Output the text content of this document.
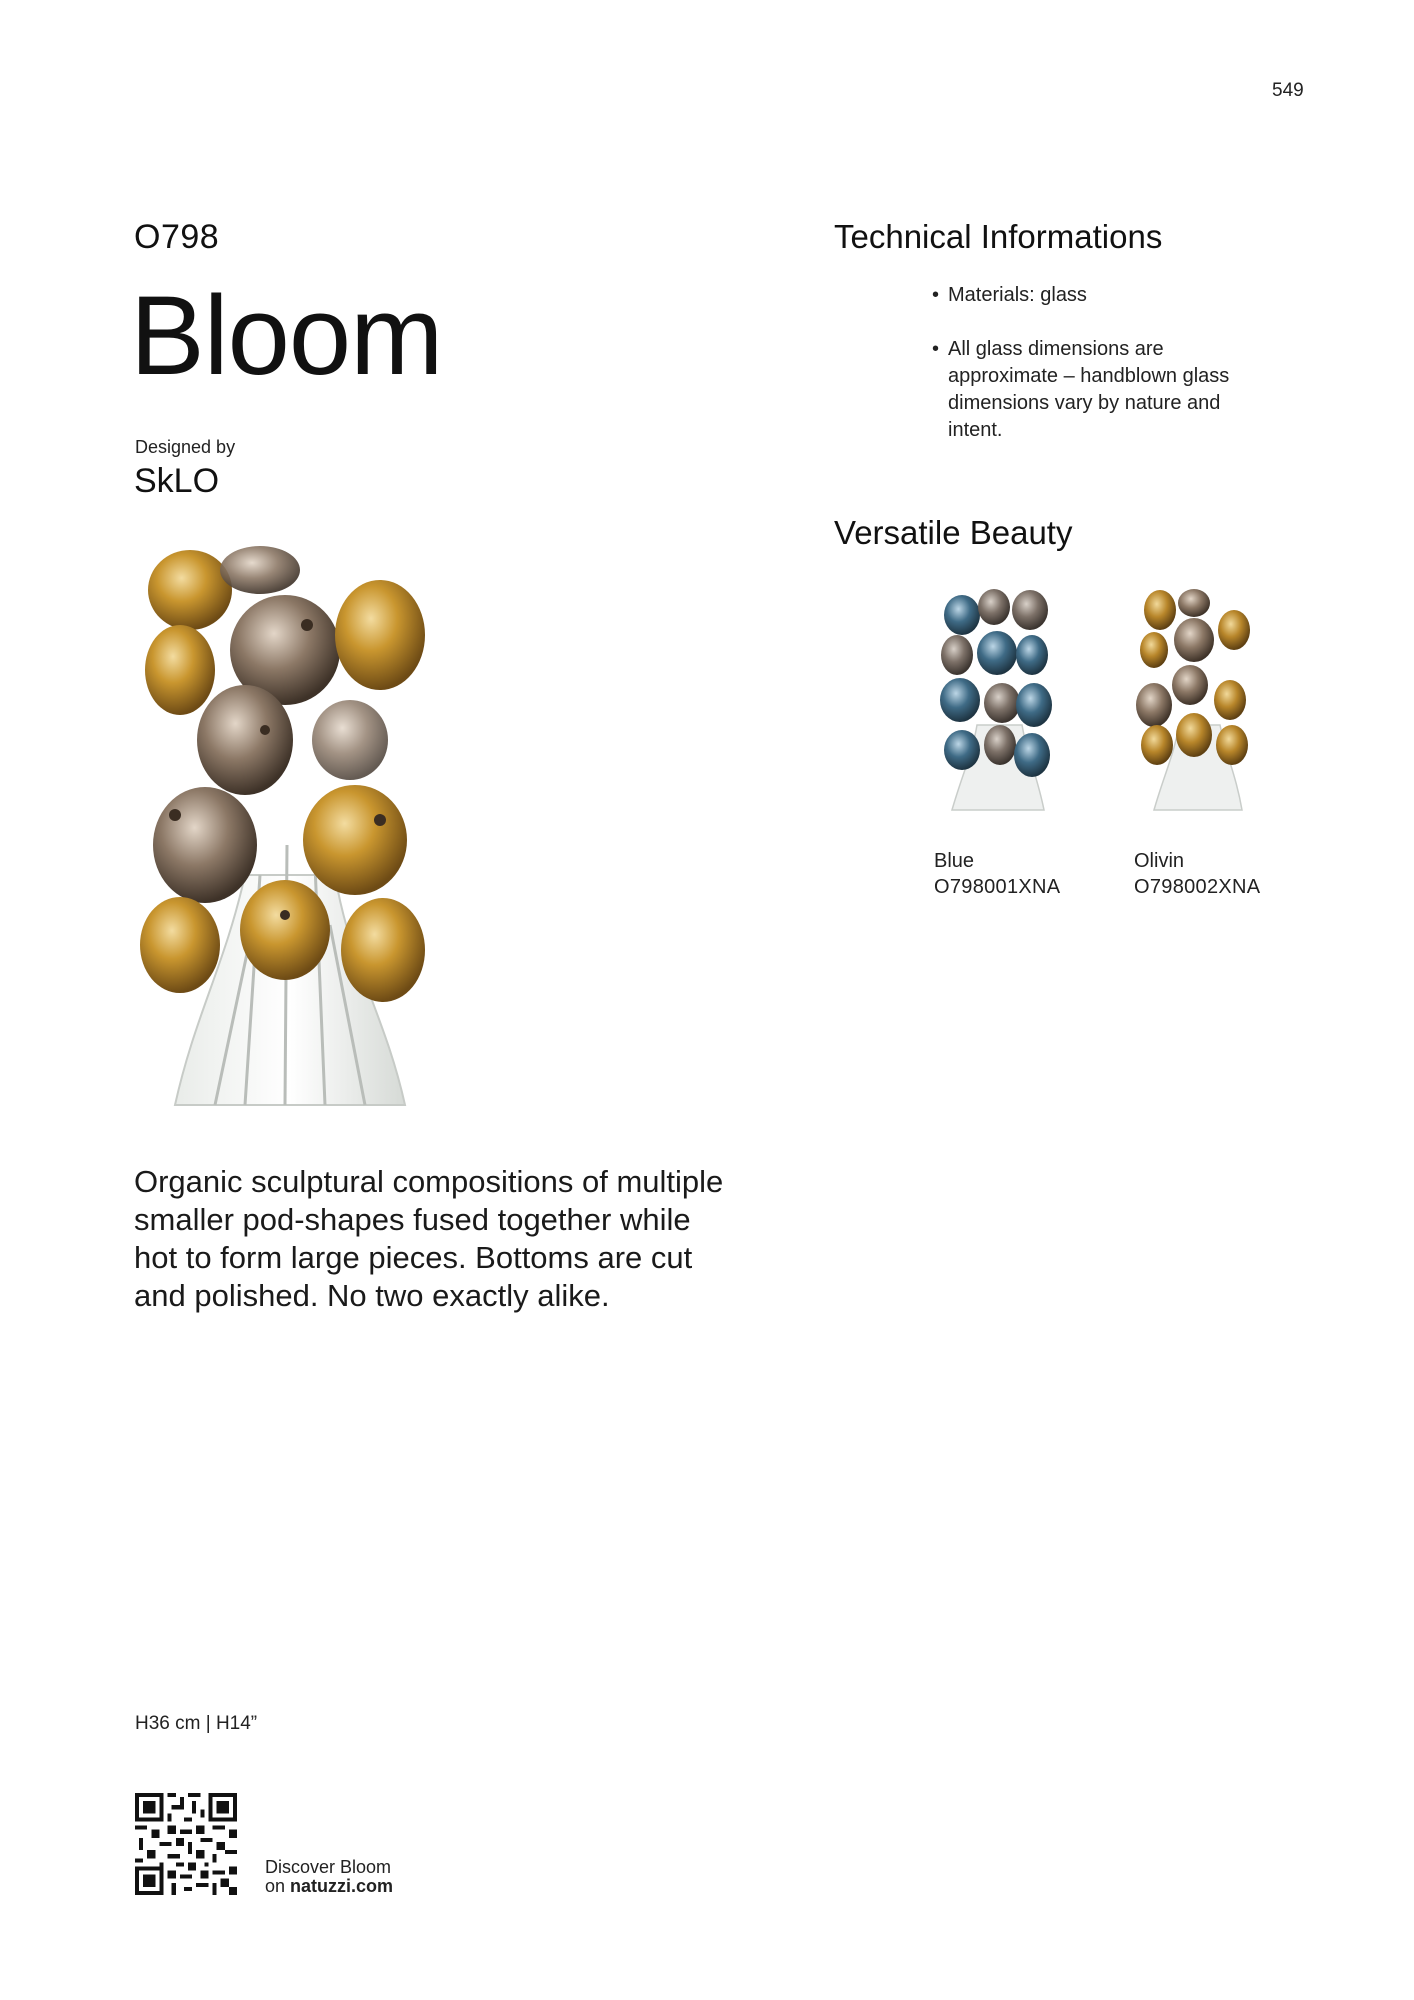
549
O798
Bloom
Designed by
SkLO
Organic sculptural compositions of multiple smaller pod-shapes fused together while hot to form large pieces. Bottoms are cut and polished. No two exactly alike.
Technical Informations
• Materials: glass
• All glass dimensions are approximate – handblown glass dimensions vary by nature and intent.
Versatile Beauty
Blue
O798001XNA
Olivin
O798002XNA
H36 cm | H14”
Discover Bloom
on natuzzi.com
